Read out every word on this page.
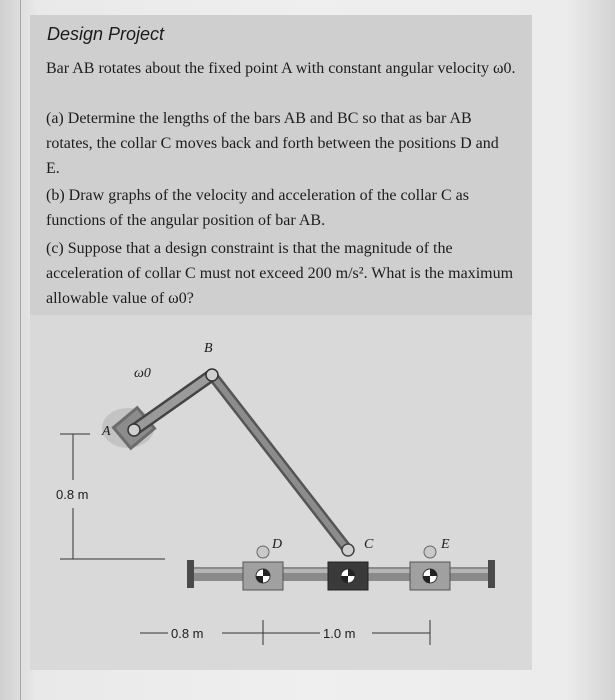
Design Project

Bar AB rotates about the fixed point A with constant angular velocity ω0.

(a) Determine the lengths of the bars AB and BC so that as bar AB rotates, the collar C moves back and forth between the positions D and E.

(b) Draw graphs of the velocity and acceleration of the collar C as functions of the angular position of bar AB.

(c) Suppose that a design constraint is that the magnitude of the acceleration of collar C must not exceed 200 m/s². What is the maximum allowable value of ω0?

B
ω0
A
D	C	E
0.8 m
0.8 m	1.0 m
